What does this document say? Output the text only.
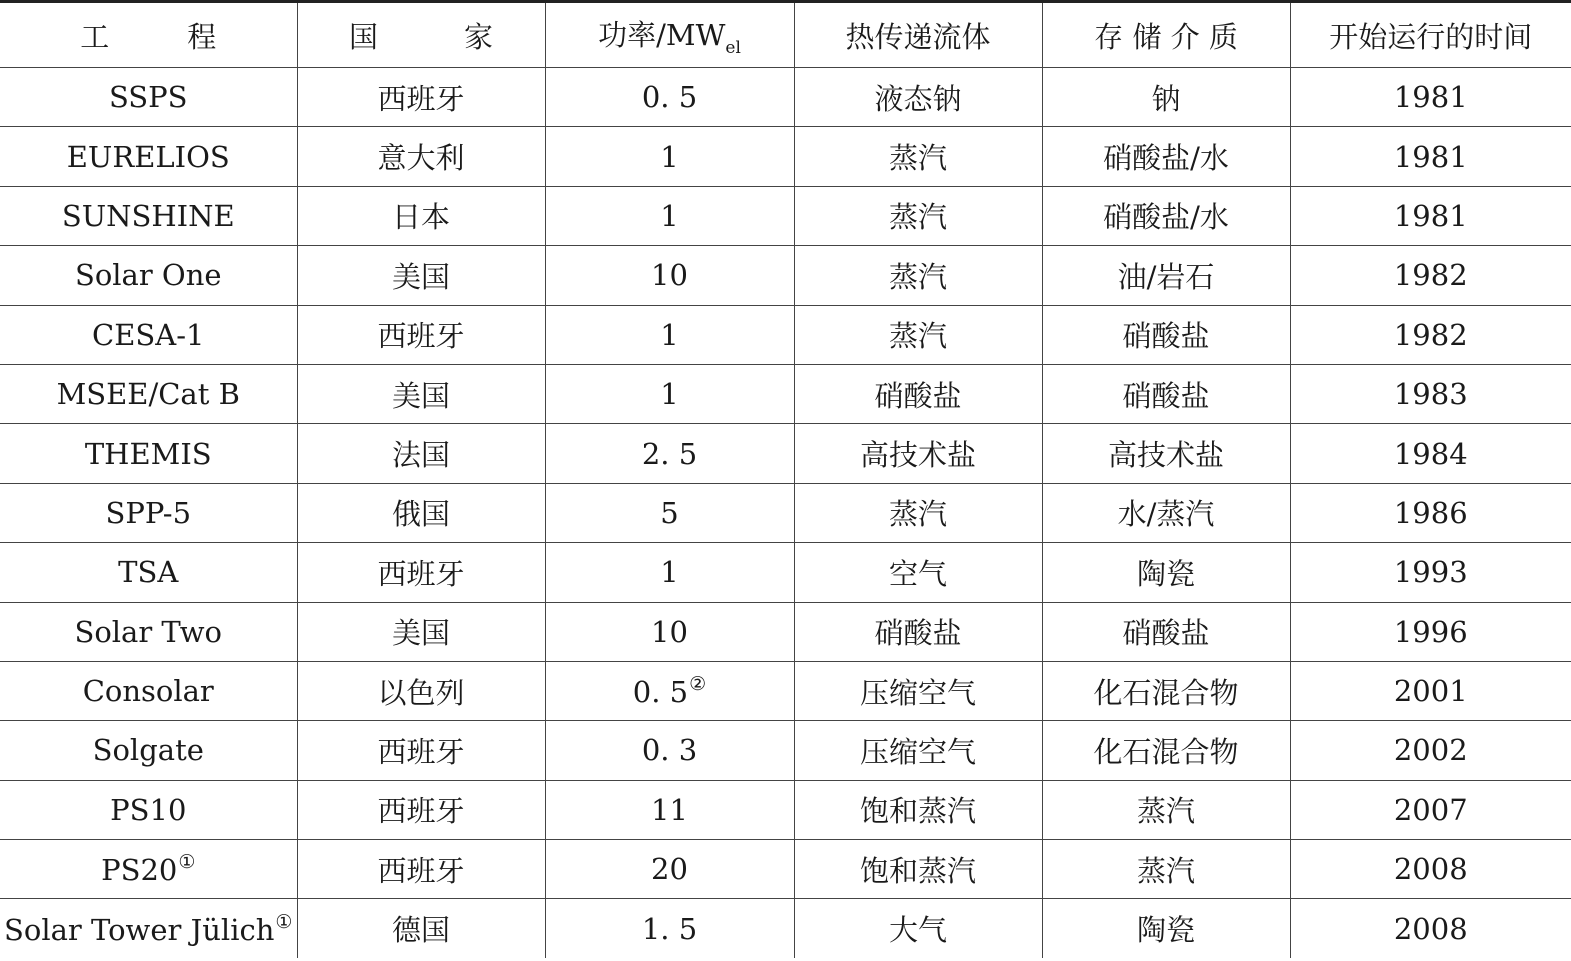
工 程	国 家	功率$/MW_{el}$	热传递流体	存 储 介 质	开始运行的时间
SSPS	西班牙	0. 5	液态钠	钠	1981
EURELIOS	意大利	1	蒸汽	硝酸盐/水	1981
SUNSHINE	日本	1	蒸汽	硝酸盐/水	1981
Solar One	美国	10	蒸汽	油/岩石	1982
CESA-1	西班牙	1	蒸汽	硝酸盐	1982
MSEE/Cat B	美国	1	硝酸盐	硝酸盐	1983
THEMIS	法国	2. 5	高技术盐	高技术盐	1984
SPP-5	俄国	5	蒸汽	水/蒸汽	1986
TSA	西班牙	1	空气	陶瓷	1993
Solar Two	美国	10	硝酸盐	硝酸盐	1996
Consolar	以色列	0. 5②	压缩空气	化石混合物	2001
Solgate	西班牙	0. 3	压缩空气	化石混合物	2002
PS10	西班牙	11	饱和蒸汽	蒸汽	2007
PS20①	西班牙	20	饱和蒸汽	蒸汽	2008
Solar Tower Jülich①	德国	1. 5	大气	陶瓷	2008
